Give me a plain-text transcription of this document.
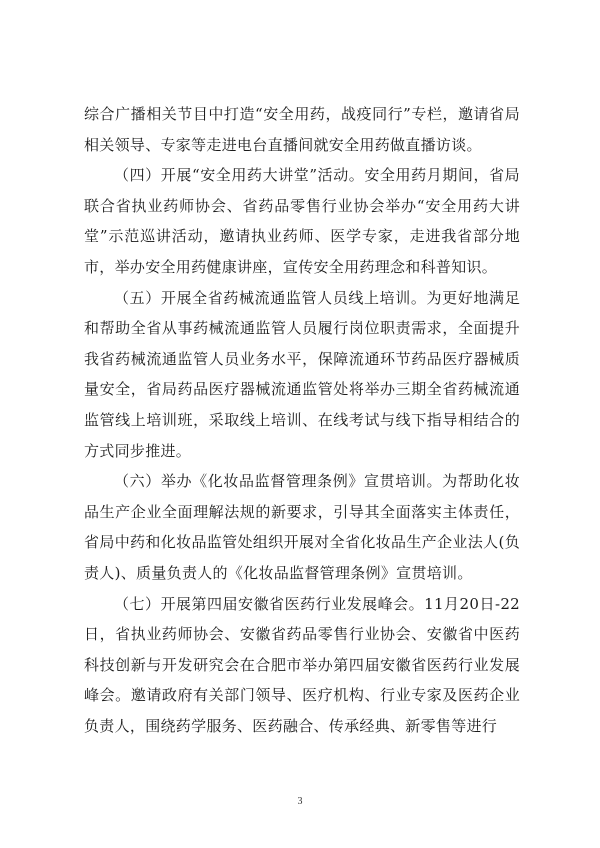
综合广播相关节目中打造“安全用药，战疫同行”专栏，邀请省局相关领导、专家等走进电台直播间就安全用药做直播访谈。

（四）开展“安全用药大讲堂”活动。安全用药月期间，省局联合省执业药师协会、省药品零售行业协会举办“安全用药大讲堂”示范巡讲活动，邀请执业药师、医学专家，走进我省部分地市，举办安全用药健康讲座，宣传安全用药理念和科普知识。

（五）开展全省药械流通监管人员线上培训。为更好地满足和帮助全省从事药械流通监管人员履行岗位职责需求，全面提升我省药械流通监管人员业务水平，保障流通环节药品医疗器械质量安全，省局药品医疗器械流通监管处将举办三期全省药械流通监管线上培训班，采取线上培训、在线考试与线下指导相结合的方式同步推进。

（六）举办《化妆品监督管理条例》宣贯培训。为帮助化妆品生产企业全面理解法规的新要求，引导其全面落实主体责任，省局中药和化妆品监管处组织开展对全省化妆品生产企业法人(负责人)、质量负责人的《化妆品监督管理条例》宣贯培训。

（七）开展第四届安徽省医药行业发展峰会。11月20日-22日，省执业药师协会、安徽省药品零售行业协会、安徽省中医药科技创新与开发研究会在合肥市举办第四届安徽省医药行业发展峰会。邀请政府有关部门领导、医疗机构、行业专家及医药企业负责人，围绕药学服务、医药融合、传承经典、新零售等进行

3
